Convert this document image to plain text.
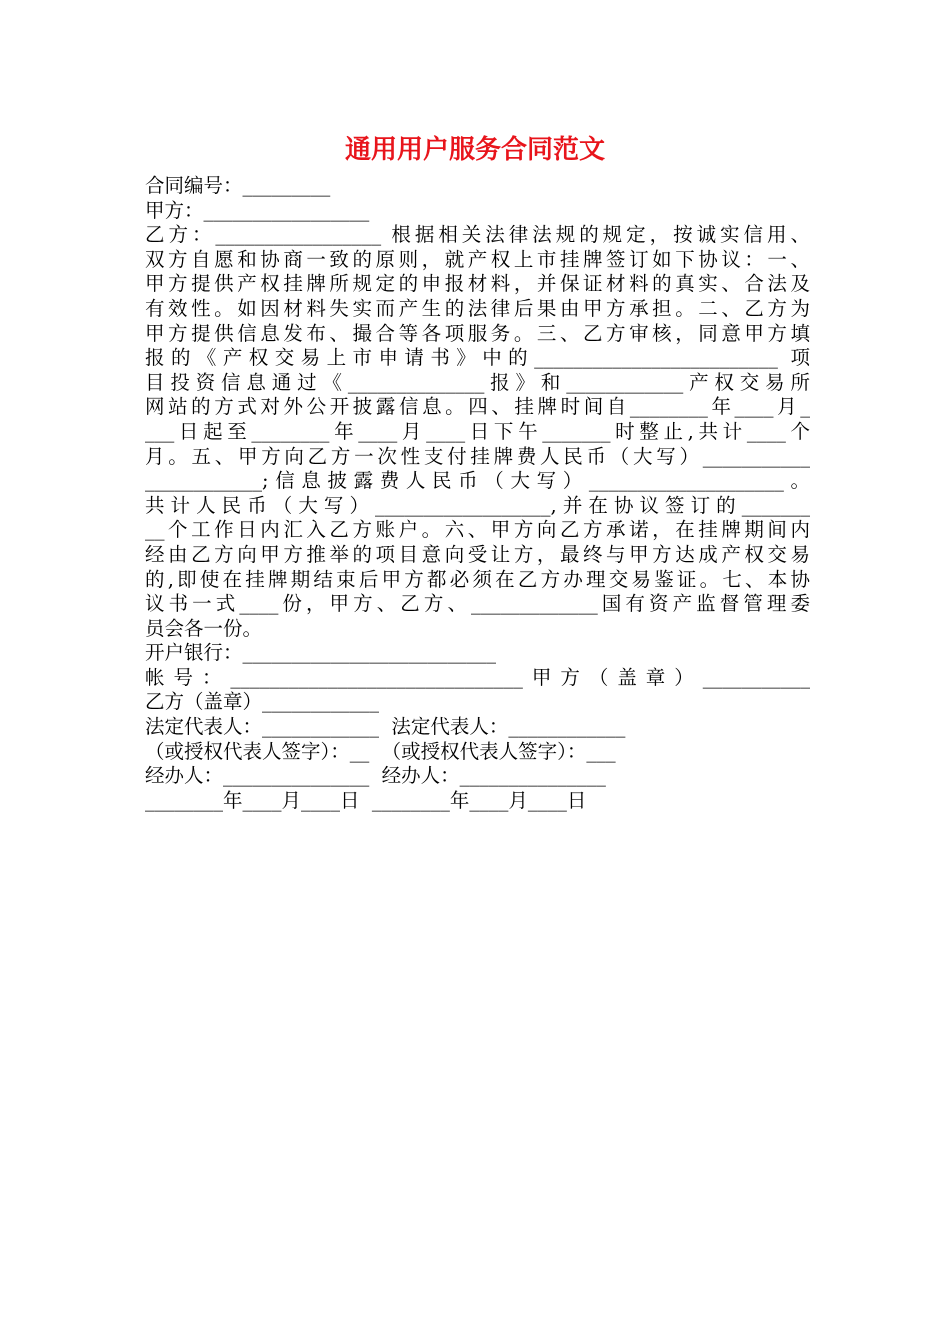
通用用户服务合同范文
合同编号：_________
甲方：_________________
乙方：_________________ 根据相关法律法规的规定，按诚实信用、
双方自愿和协商一致的原则，就产权上市挂牌签订如下协议：一、
甲方提供产权挂牌所规定的申报材料，并保证材料的真实、合法及
有效性。如因材料失实而产生的法律后果由甲方承担。二、乙方为
甲方提供信息发布、撮合等各项服务。三、乙方审核，同意甲方填
报的《产权交易上市申请书》中的_________________________ 项
目投资信息通过《______________报》和____________产权交易所
网站的方式对外公开披露信息。四、挂牌时间自________年____月_
___日起至________年____月____日下午_______时整止,共计____个
月。五、甲方向乙方一次性支付挂牌费人民币（大写）___________
____________;信息披露费人民币（大写）____________________。
共计人民币（大写）__________________,并在协议签订的_______
__个工作日内汇入乙方账户。六、甲方向乙方承诺，在挂牌期间内
经由乙方向甲方推举的项目意向受让方，最终与甲方达成产权交易
的,即使在挂牌期结束后甲方都必须在乙方办理交易鉴证。七、本协
议书一式____份，甲方、乙方、_____________国有资产监督管理委
员会各一份。
开户银行：__________________________
帐号：______________________________甲方（盖章）___________
乙方（盖章）____________
法定代表人：____________  法定代表人：____________
（或授权代表人签字）：__  （或授权代表人签字）：___
经办人：_______________  经办人：_______________
________年____月____日  ________年____月____日
